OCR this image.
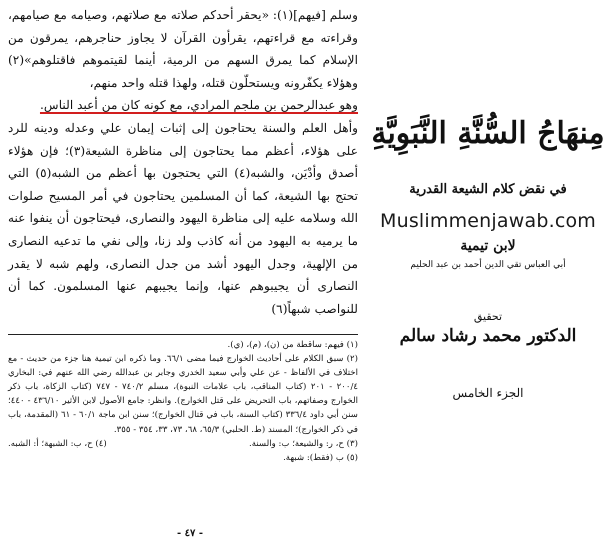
وسلم [فيهم](١): «يحقر أحدكم صلاته مع صلاتهم، وصيامه مع صيامهم، وقراءته مع قراءتهم، يقرأون القرآن لا يجاوز حناجرهم، يمرقون من الإسلام كما يمرق السهم من الرمية، أينما لقيتموهم فاقتلوهم»(٢) وهؤلاء يكفّرونه ويستحلّون قتله، ولهذا قتله واحد منهم،

وهو عبدالرحمن بن ملجم المرادي، مع كونه كان من أعبد الناس.

وأهل العلم والسنة يحتاجون إلى إثبات إيمان علي وعدله ودينه للرد على هؤلاء، أعظم مما يحتاجون إلى مناظرة الشيعة(٣)؛ فإن هؤلاء أصدق وأدْيَن، والشبه(٤) التي يحتجون بها أعظم من الشبه(٥) التي تحتج بها الشيعة، كما أن المسلمين يحتاجون في أمر المسيح صلوات الله وسلامه عليه إلى مناظرة اليهود والنصارى، فيحتاجون أن ينفوا عنه ما يرميه به اليهود من أنه كاذب ولد زنا، وإلى نفي ما تدعيه النصارى من الإلهية، وجدل اليهود أشد من جدل النصارى، ولهم شبه لا يقدر النصارى أن يجيبوهم عنها، وإنما يجيبهم عنها المسلمون. كما أن للنواصب شبهاً(٦)

(١) فيهم: ساقطة من (ن)، (م)، (ي).
(٢) سبق الكلام على أحاديث الخوارج فيما مضى ٦٦/١. وما ذكره ابن تيمية هنا جزء من حديث - مع اختلاف في الألفاظ - عن علي وأبي سعيد الخدري وجابر بن عبدالله رضي الله عنهم في: البخاري ٢٠٠/٤ - ٢٠١ (كتاب المناقب، باب علامات النبوة)، مسلم ٧٤٠/٢ - ٧٤٧ (كتاب الزكاة، باب ذكر الخوارج وصفاتهم، باب التحريض على قتل الخوارج). وانظر: جامع الأصول لابن الأثير ٤٣٦/١٠ - ٤٤٠؛ سنن أبي داود ٣٣٦/٤ (كتاب السنة، باب في قتال الخوارج)؛ سنن ابن ماجة ٦٠/١ - ٦١ (المقدمة، باب في ذكر الخوارج)؛ المسند (ط. الحلبي) ٦٥/٣، ٦٨، ٧٣، ٣٣، ٣٥٤ - ٣٥٥.
(٣) ح، ر: والشيعة؛ ب: والسنة.
(٤) ح، ب: الشبهة؛ أ: الشبه.
(٥) ب (فقط): شبهة.
- ٤٧ -
مِنهَاجُ السُّنَّةِ النَّبَوِيَّةِ
في نقض كلام الشيعة القدرية
Muslimmenjawab.com
لابن تيمية
أبي العباس تقي الدين أحمد بن عبد الحليم
تحقيق
الدكتور محمد رشاد سالم
الجزء الخامس
